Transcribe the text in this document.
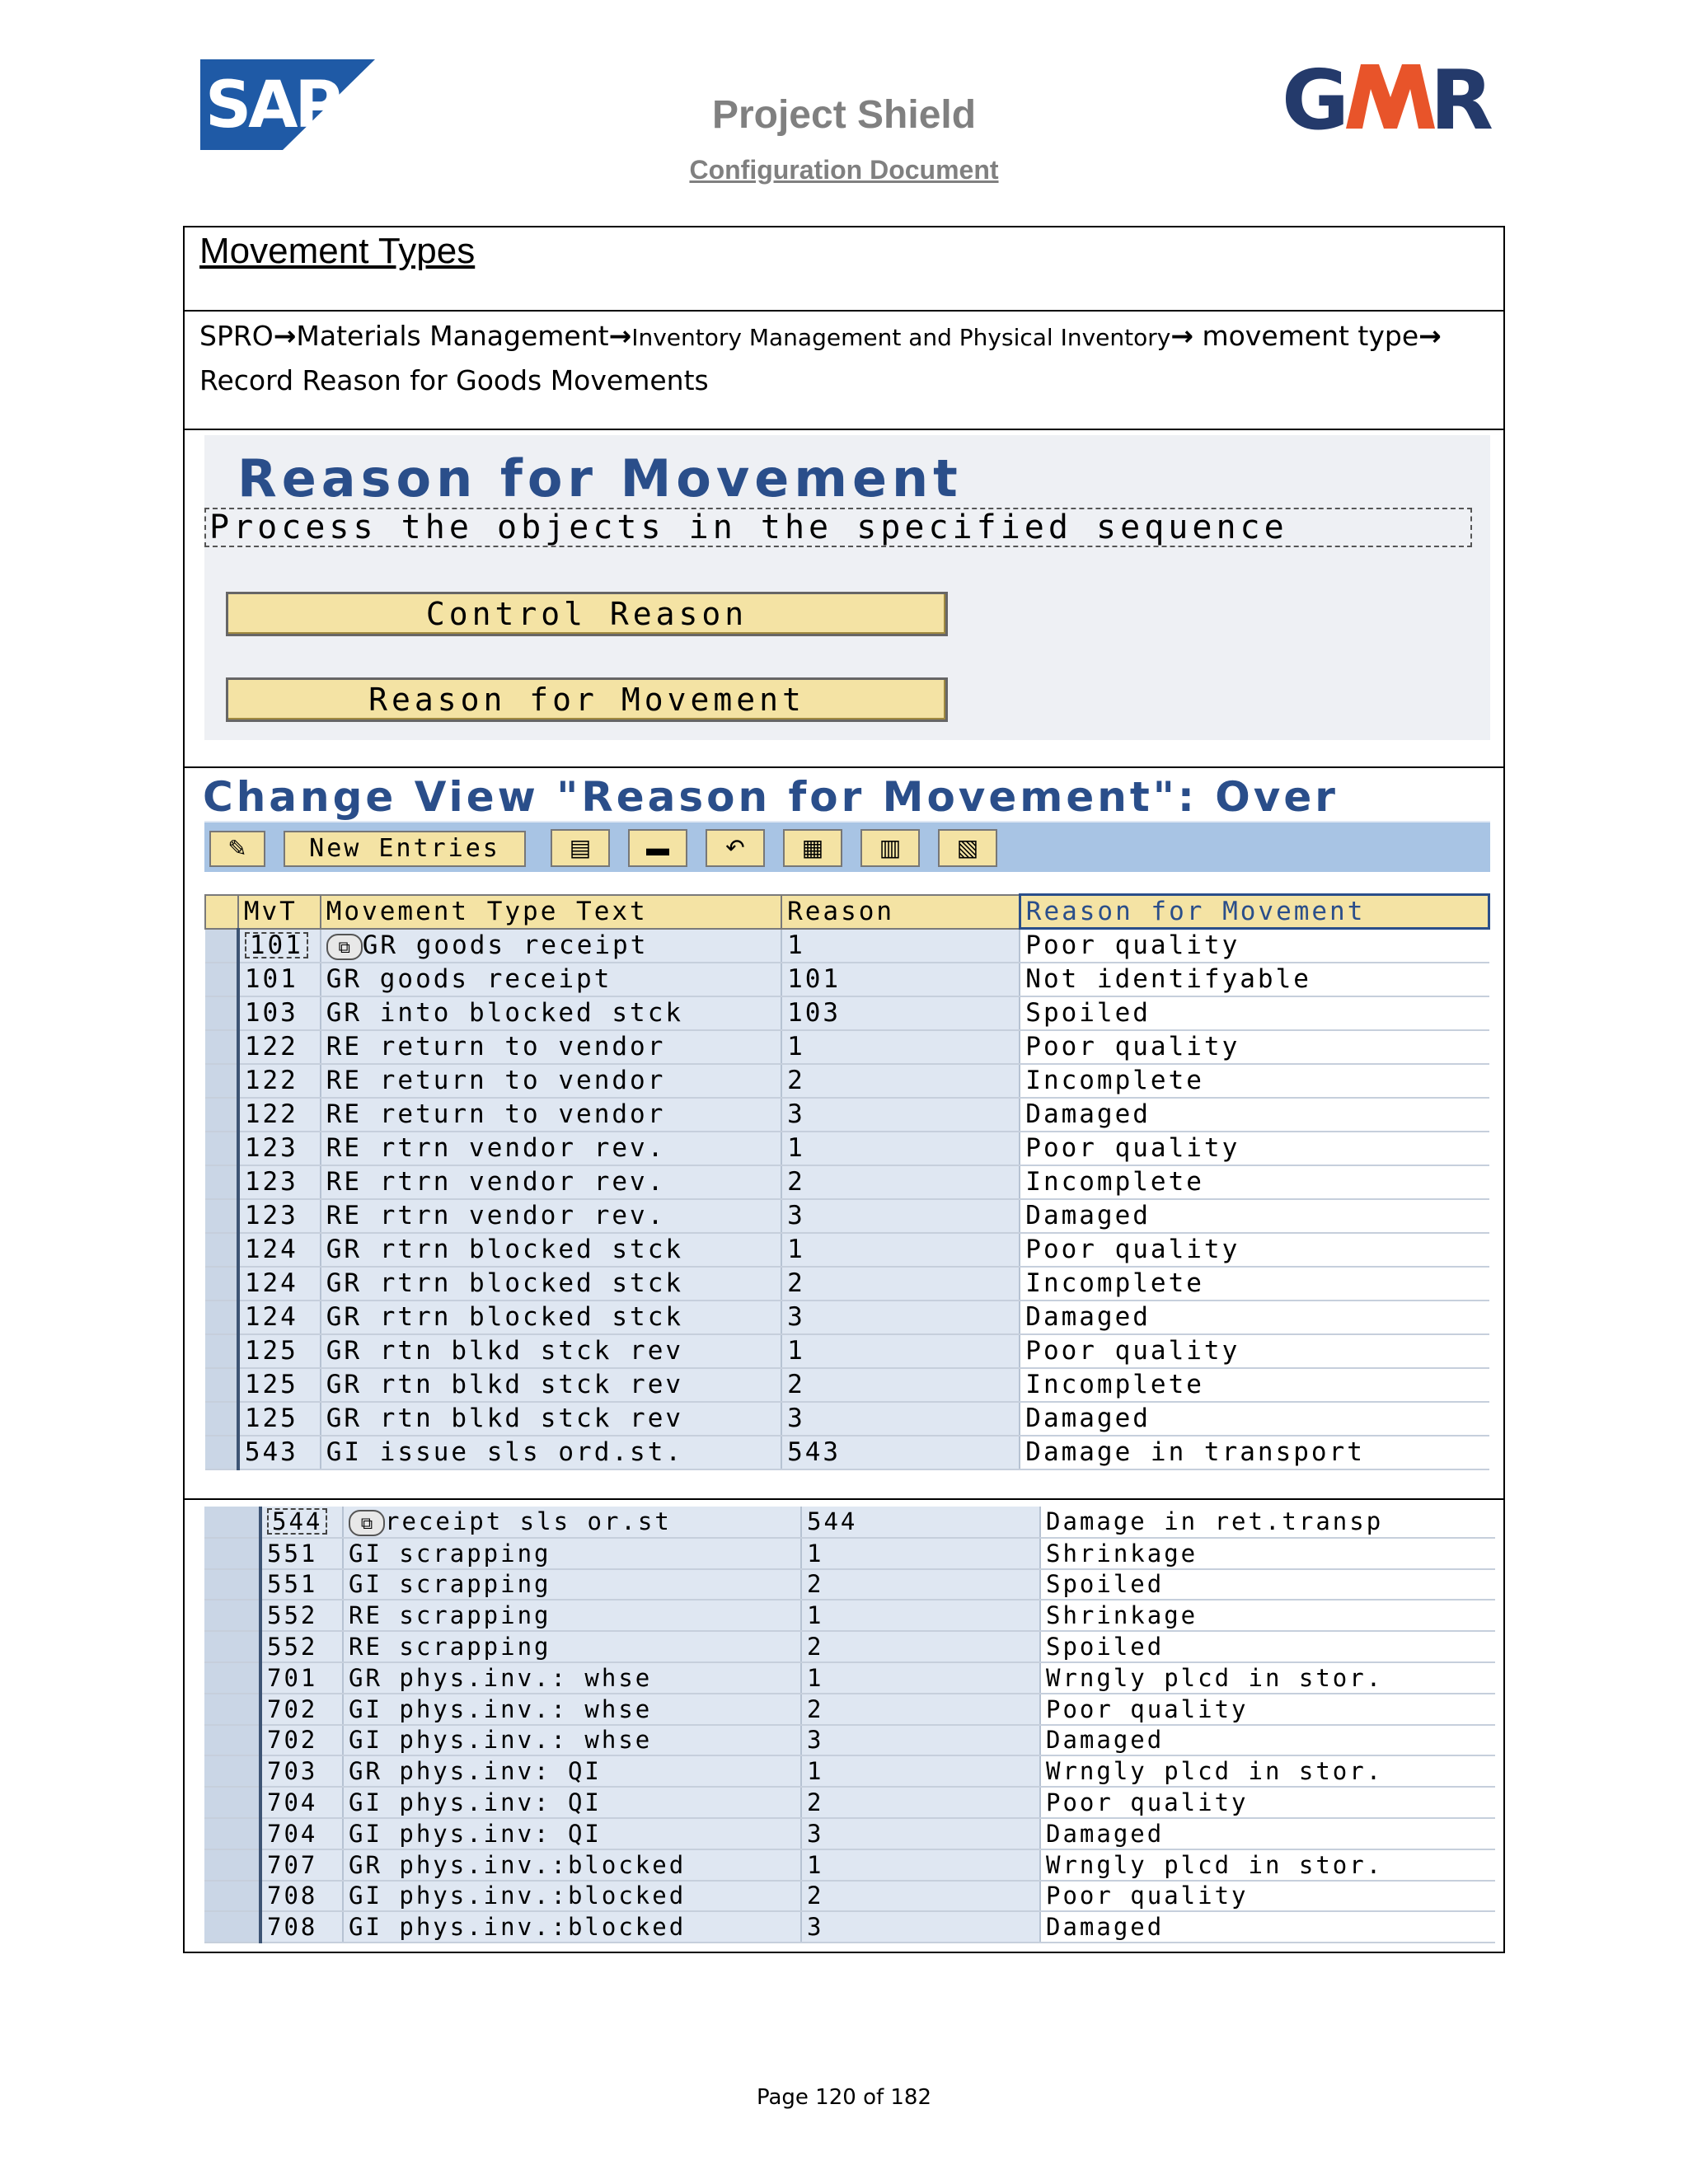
SAP	G R
Project Shield
Configuration Document
Movement Types
SPRO→Materials Management→Inventory Management and Physical Inventory→ movement type→ Record Reason for Goods Movements
Reason for Movement
Process the objects in the specified sequence
Control Reason
Reason for Movement
Change View "Reason for Movement": Over
✎	New Entries	▤	▬	↶	▦	▥	▧
	MvT	Movement Type Text	Reason	Reason for Movement
	101	⧉ GR goods receipt	1	Poor quality
	101	GR goods receipt	101	Not identifyable
	103	GR into blocked stck	103	Spoiled
	122	RE return to vendor	1	Poor quality
	122	RE return to vendor	2	Incomplete
	122	RE return to vendor	3	Damaged
	123	RE rtrn vendor rev.	1	Poor quality
	123	RE rtrn vendor rev.	2	Incomplete
	123	RE rtrn vendor rev.	3	Damaged
	124	GR rtrn blocked stck	1	Poor quality
	124	GR rtrn blocked stck	2	Incomplete
	124	GR rtrn blocked stck	3	Damaged
	125	GR rtn blkd stck rev	1	Poor quality
	125	GR rtn blkd stck rev	2	Incomplete
	125	GR rtn blkd stck rev	3	Damaged
	543	GI issue sls ord.st.	543	Damage in transport
	544	⧉ receipt sls or.st	544	Damage in ret.transp
	551	GI scrapping	1	Shrinkage
	551	GI scrapping	2	Spoiled
	552	RE scrapping	1	Shrinkage
	552	RE scrapping	2	Spoiled
	701	GR phys.inv.: whse	1	Wrngly plcd in stor.
	702	GI phys.inv.: whse	2	Poor quality
	702	GI phys.inv.: whse	3	Damaged
	703	GR phys.inv: QI	1	Wrngly plcd in stor.
	704	GI phys.inv: QI	2	Poor quality
	704	GI phys.inv: QI	3	Damaged
	707	GR phys.inv.:blocked	1	Wrngly plcd in stor.
	708	GI phys.inv.:blocked	2	Poor quality
	708	GI phys.inv.:blocked	3	Damaged
Page 120 of 182
